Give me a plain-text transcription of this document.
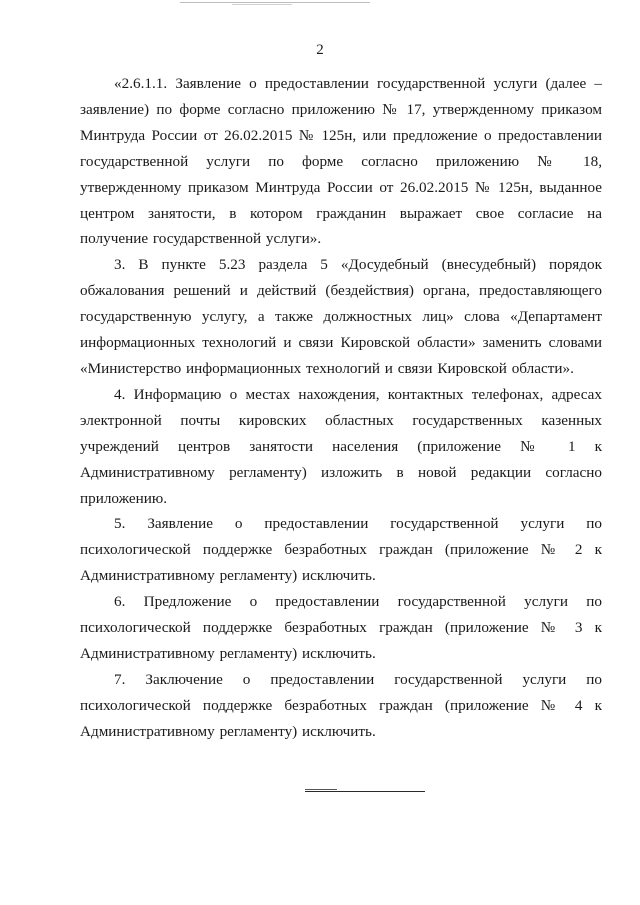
2

«2.6.1.1. Заявление о предоставлении государственной услуги (далее – заявление) по форме согласно приложению № 17, утвержденному приказом Минтруда России от 26.02.2015 № 125н, или предложение о предоставлении государственной услуги по форме согласно приложению № 18, утвержденному приказом Минтруда России от 26.02.2015 № 125н, выданное центром занятости, в котором гражданин выражает свое согласие на получение государственной услуги».

3. В пункте 5.23 раздела 5 «Досудебный (внесудебный) порядок обжалования решений и действий (бездействия) органа, предоставляющего государственную услугу, а также должностных лиц» слова «Департамент информационных технологий и связи Кировской области» заменить словами «Министерство информационных технологий и связи Кировской области».

4. Информацию о местах нахождения, контактных телефонах, адресах электронной почты кировских областных государственных казенных учреждений центров занятости населения (приложение № 1 к Административному регламенту) изложить в новой редакции согласно приложению.

5. Заявление о предоставлении государственной услуги по психологической поддержке безработных граждан (приложение № 2 к Административному регламенту) исключить.

6. Предложение о предоставлении государственной услуги по психологической поддержке безработных граждан (приложение № 3 к Административному регламенту) исключить.

7. Заключение о предоставлении государственной услуги по психологической поддержке безработных граждан (приложение № 4 к Административному регламенту) исключить.
